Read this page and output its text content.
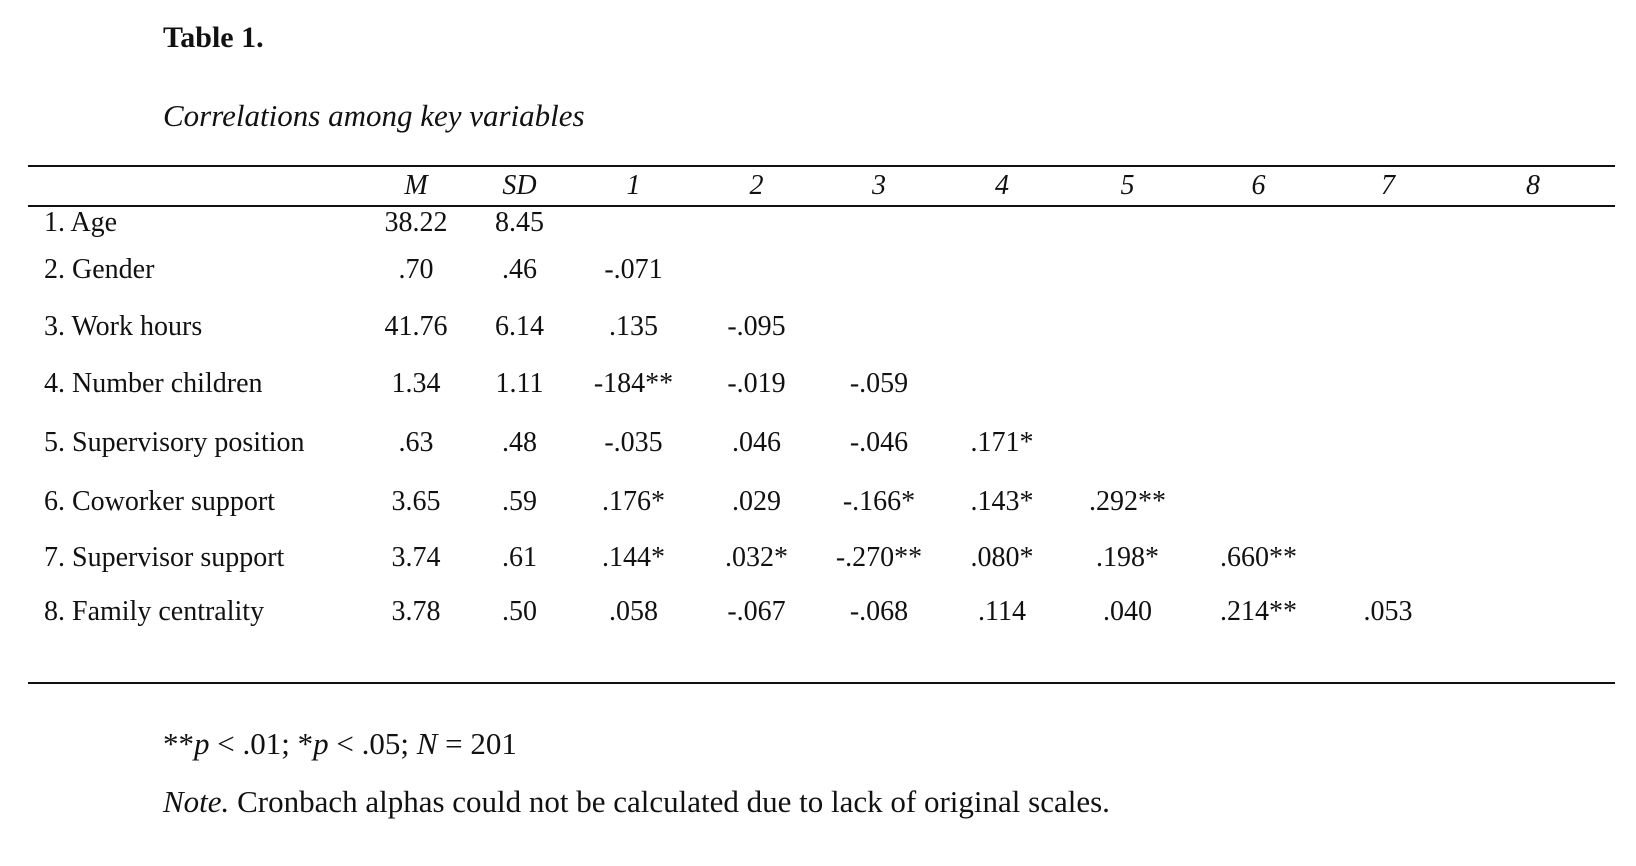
Table 1.
Correlations among key variables
	M	SD	1	2	3	4	5	6	7	8
1. Age	38.22	8.45								
2. Gender	.70	.46	-.071							
3. Work hours	41.76	6.14	.135	-.095						
4. Number children	1.34	1.11	-184**	-.019	-.059					
5. Supervisory position	.63	.48	-.035	.046	-.046	.171*				
6. Coworker support	3.65	.59	.176*	.029	-.166*	.143*	.292**			
7. Supervisor support	3.74	.61	.144*	.032*	-.270**	.080*	.198*	.660**		
8. Family centrality	3.78	.50	.058	-.067	-.068	.114	.040	.214**	.053	
**p < .01; *p < .05; N = 201
Note. Cronbach alphas could not be calculated due to lack of original scales.
